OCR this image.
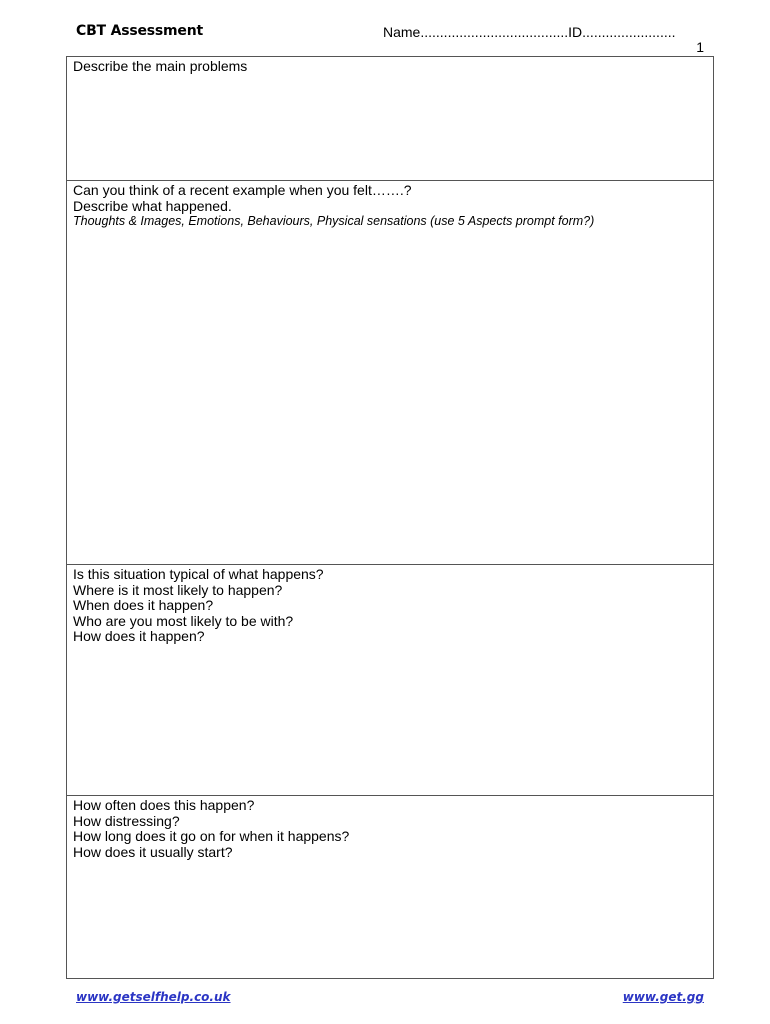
CBT Assessment	Name......................................ID........................
1
Describe the main problems
Can you think of a recent example when you felt…….?
Describe what happened.
Thoughts & Images, Emotions, Behaviours, Physical sensations (use 5 Aspects prompt form?)
Is this situation typical of what happens?
Where is it most likely to happen?
When does it happen?
Who are you most likely to be with?
How does it happen?
How often does this happen?
How distressing?
How long does it go on for when it happens?
How does it usually start?
www.getselfhelp.co.uk	www.get.gg
